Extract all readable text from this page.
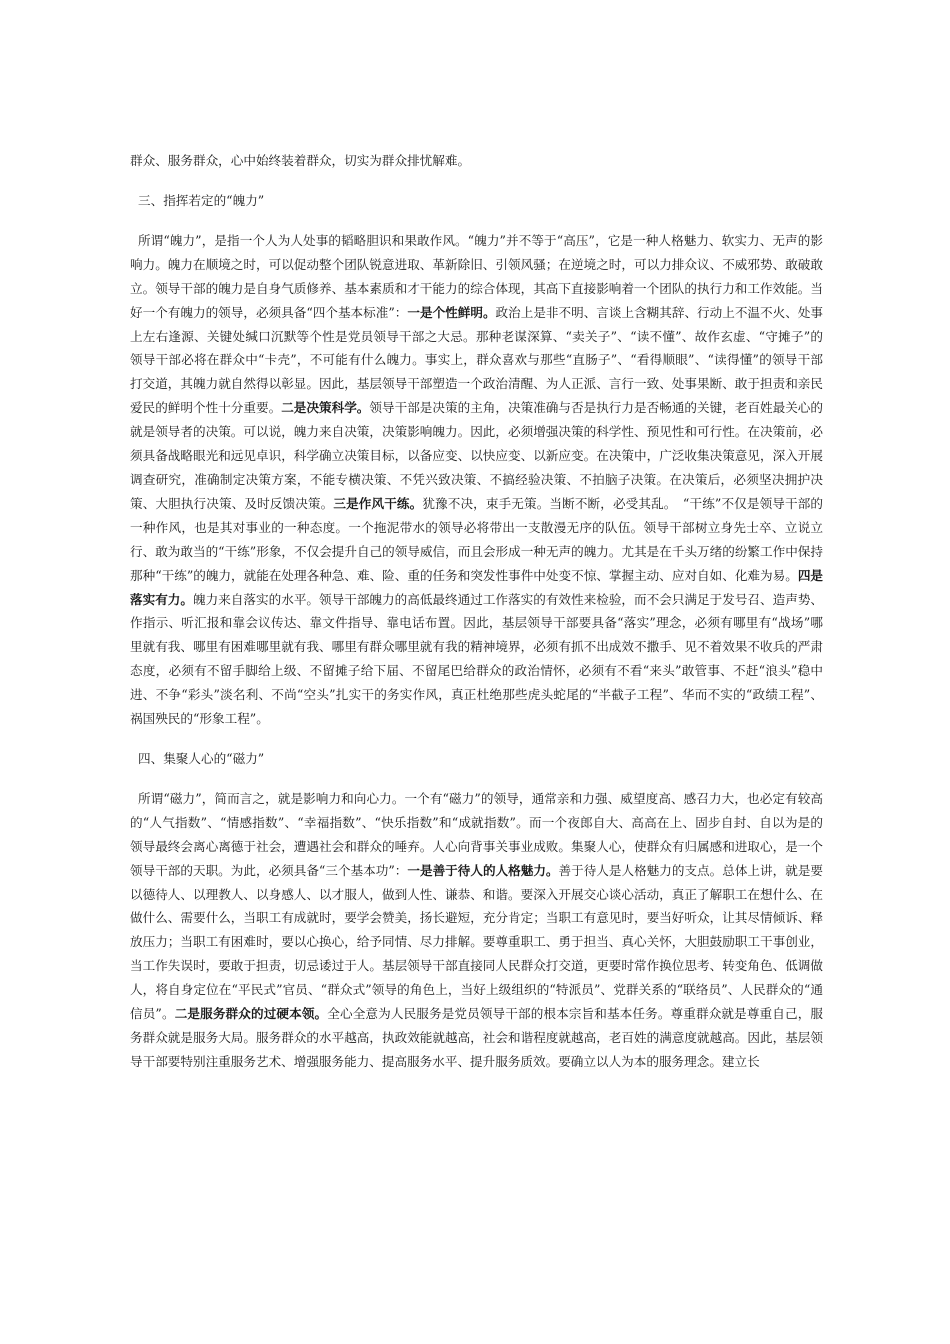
群众、服务群众，心中始终装着群众，切实为群众排忧解难。

三、指挥若定的“魄力”

所谓“魄力”，是指一个人为人处事的韬略胆识和果敢作风。“魄力”并不等于“高压”，它是一种人格魅力、软实力、无声的影响力。魄力在顺境之时，可以促动整个团队锐意进取、革新除旧、引领风骚；在逆境之时，可以力排众议、不威邪势、敢破敢立。领导干部的魄力是自身气质修养、基本素质和才干能力的综合体现，其高下直接影响着一个团队的执行力和工作效能。当好一个有魄力的领导，必须具备“四个基本标准”：一是个性鲜明。政治上是非不明、言谈上含糊其辞、行动上不温不火、处事上左右逢源、关键处缄口沉默等个性是党员领导干部之大忌。那种老谋深算、“卖关子”、“读不懂”、故作玄虚、“守摊子”的领导干部必将在群众中“卡壳”，不可能有什么魄力。事实上，群众喜欢与那些“直肠子”、“看得顺眼”、“读得懂”的领导干部打交道，其魄力就自然得以彰显。因此，基层领导干部塑造一个政治清醒、为人正派、言行一致、处事果断、敢于担责和亲民爱民的鲜明个性十分重要。二是决策科学。领导干部是决策的主角，决策准确与否是执行力是否畅通的关键，老百姓最关心的就是领导者的决策。可以说，魄力来自决策，决策影响魄力。因此，必须增强决策的科学性、预见性和可行性。在决策前，必须具备战略眼光和远见卓识，科学确立决策目标，以备应变、以快应变、以新应变。在决策中，广泛收集决策意见，深入开展调查研究，准确制定决策方案，不能专横决策、不凭兴致决策、不搞经验决策、不拍脑子决策。在决策后，必须坚决拥护决策、大胆执行决策、及时反馈决策。三是作风干练。犹豫不决，束手无策。当断不断，必受其乱。　“干练”不仅是领导干部的一种作风，也是其对事业的一种态度。一个拖泥带水的领导必将带出一支散漫无序的队伍。领导干部树立身先士卒、立说立行、敢为敢当的“干练”形象，不仅会提升自己的领导威信，而且会形成一种无声的魄力。尤其是在千头万绪的纷繁工作中保持那种“干练”的魄力，就能在处理各种急、难、险、重的任务和突发性事件中处变不惊、掌握主动、应对自如、化难为易。四是落实有力。魄力来自落实的水平。领导干部魄力的高低最终通过工作落实的有效性来检验，而不会只满足于发号召、造声势、作指示、听汇报和靠会议传达、靠文件指导、靠电话布置。因此，基层领导干部要具备“落实”理念，必须有哪里有“战场”哪里就有我、哪里有困难哪里就有我、哪里有群众哪里就有我的精神境界，必须有抓不出成效不撒手、见不着效果不收兵的严肃态度，必须有不留手脚给上级、不留摊子给下届、不留尾巴给群众的政治情怀，必须有不看“来头”敢管事、不赶“浪头”稳中进、不争“彩头”淡名利、不尚“空头”扎实干的务实作风，真正杜绝那些虎头蛇尾的“半截子工程”、华而不实的“政绩工程”、祸国殃民的“形象工程”。

四、集聚人心的“磁力”

所谓“磁力”，简而言之，就是影响力和向心力。一个有“磁力”的领导，通常亲和力强、威望度高、感召力大，也必定有较高的“人气指数”、“情感指数”、“幸福指数”、“快乐指数”和“成就指数”。而一个夜郎自大、高高在上、固步自封、自以为是的领导最终会离心离德于社会，遭遇社会和群众的唾弃。人心向背事关事业成败。集聚人心，使群众有归属感和进取心，是一个领导干部的天职。为此，必须具备“三个基本功”：一是善于待人的人格魅力。善于待人是人格魅力的支点。总体上讲，就是要以德待人、以理教人、以身感人、以才服人，做到人性、谦恭、和谐。要深入开展交心谈心活动，真正了解职工在想什么、在做什么、需要什么，当职工有成就时，要学会赞美，扬长避短，充分肯定；当职工有意见时，要当好听众，让其尽情倾诉、释放压力；当职工有困难时，要以心换心，给予同情、尽力排解。要尊重职工、勇于担当、真心关怀，大胆鼓励职工干事创业，当工作失误时，要敢于担责，切忌诿过于人。基层领导干部直接同人民群众打交道，更要时常作换位思考、转变角色、低调做人，将自身定位在“平民式”官员、“群众式”领导的角色上，当好上级组织的“特派员”、党群关系的“联络员”、人民群众的“通信员”。二是服务群众的过硬本领。全心全意为人民服务是党员领导干部的根本宗旨和基本任务。尊重群众就是尊重自己，服务群众就是服务大局。服务群众的水平越高，执政效能就越高，社会和谐程度就越高，老百姓的满意度就越高。因此，基层领导干部要特别注重服务艺术、增强服务能力、提高服务水平、提升服务质效。要确立以人为本的服务理念。建立长
